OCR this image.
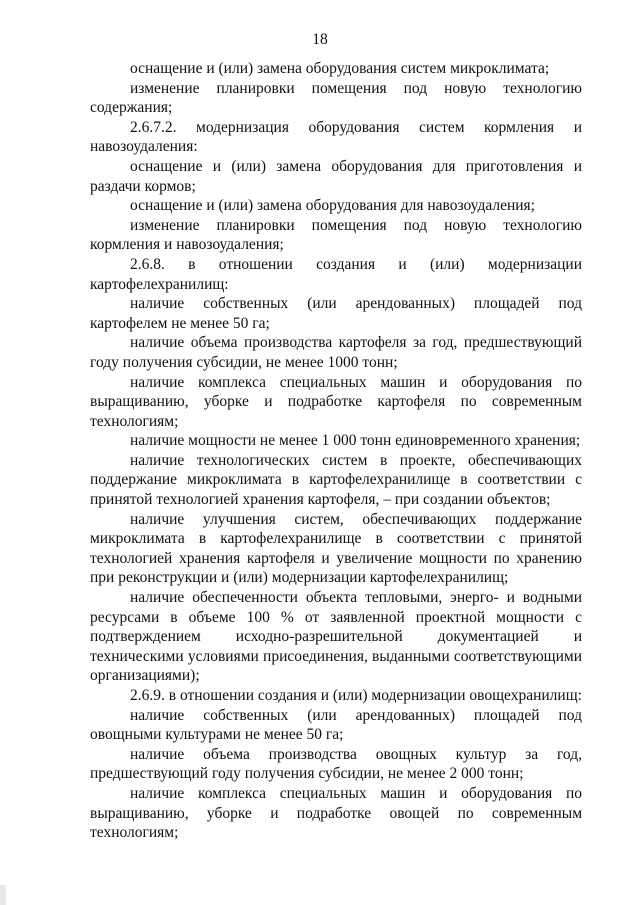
18

оснащение и (или) замена оборудования систем микроклимата;

изменение планировки помещения под новую технологию содержания;

2.6.7.2. модернизация оборудования систем кормления и навозоудаления:

оснащение и (или) замена оборудования для приготовления и раздачи кормов;

оснащение и (или) замена оборудования для навозоудаления;

изменение планировки помещения под новую технологию кормления и навозоудаления;

2.6.8. в отношении создания и (или) модернизации картофелехранилищ:

наличие собственных (или арендованных) площадей под картофелем не менее 50 га;

наличие объема производства картофеля за год, предшествующий году получения субсидии, не менее 1000 тонн;

наличие комплекса специальных машин и оборудования по выращиванию, уборке и подработке картофеля по современным технологиям;

наличие мощности не менее 1 000 тонн единовременного хранения;

наличие технологических систем в проекте, обеспечивающих поддержание микроклимата в картофелехранилище в соответствии с принятой технологией хранения картофеля, – при создании объектов;

наличие улучшения систем, обеспечивающих поддержание микроклимата в картофелехранилище в соответствии с принятой технологией хранения картофеля и увеличение мощности по хранению при реконструкции и (или) модернизации картофелехранилищ;

наличие обеспеченности объекта тепловыми, энерго- и водными ресурсами в объеме 100 % от заявленной проектной мощности с подтверждением исходно-разрешительной документацией и техническими условиями присоединения, выданными соответствующими организациями);

2.6.9. в отношении создания и (или) модернизации овощехранилищ:

наличие собственных (или арендованных) площадей под овощными культурами не менее 50 га;

наличие объема производства овощных культур за год, предшествующий году получения субсидии, не менее 2 000 тонн;

наличие комплекса специальных машин и оборудования по выращиванию, уборке и подработке овощей по современным технологиям;
